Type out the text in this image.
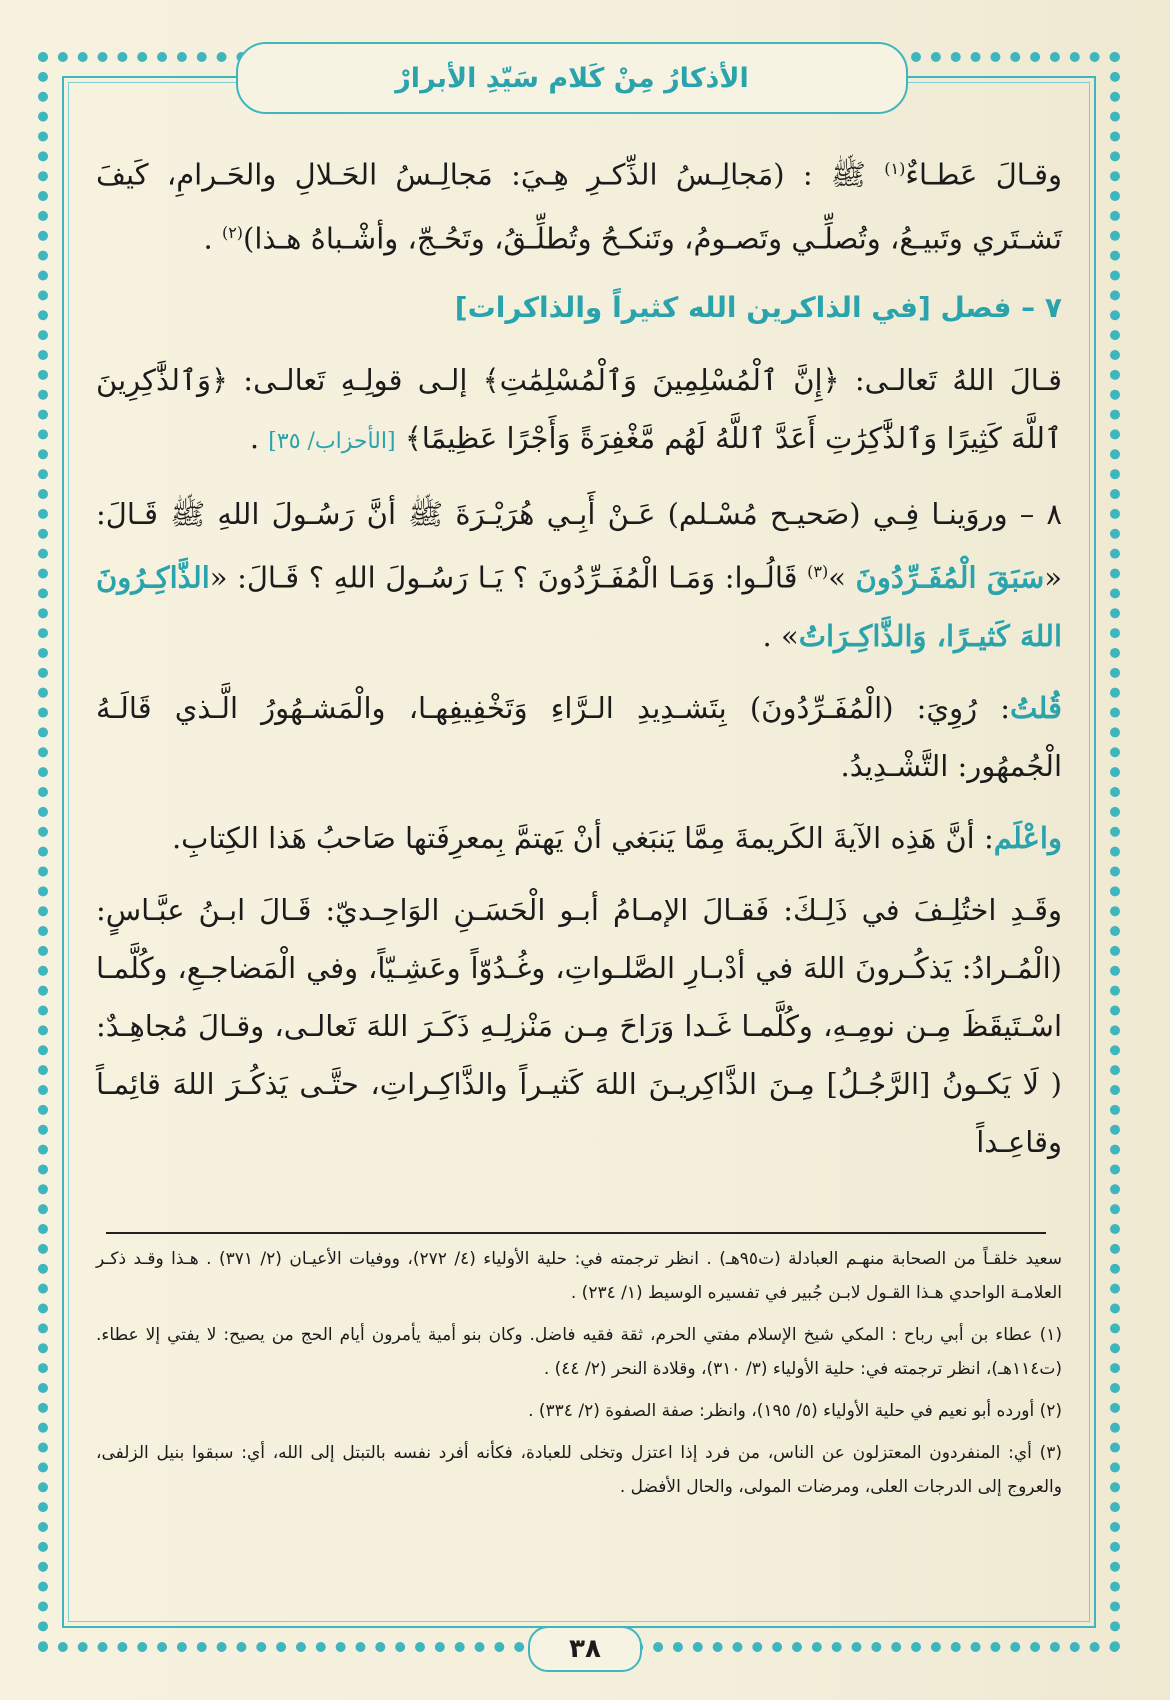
الأذكارُ مِنْ كَلام سَيّدِ الأبرارْ

وقـالَ عَطـاءٌ$^{(١)}$ ﷺ : (مَجالِـسُ الذِّكـرِ هِـيَ: مَجالِـسُ الحَـلالِ والحَـرامِ، كَيفَ تَشـتَري وتَبيـعُ، وتُصلِّـي وتَصـومُ، وتَنكـحُ وتُطلِّـقُ، وتَحُـجّ، وأشْـباهُ هـذا)$^{(٢)}$ .

٧ – فصل [في الذاكرين الله كثيراً والذاكرات]

قـالَ اللهُ تَعالـى: ﴿إِنَّ ٱلْمُسْلِمِينَ وَٱلْمُسْلِمَٰتِ﴾ إلـى قولِـهِ تَعالـى: ﴿وَٱلذَّٰكِرِينَ ٱللَّهَ كَثِيرًا وَٱلذَّٰكِرَٰتِ أَعَدَّ ٱللَّهُ لَهُم مَّغْفِرَةً وَأَجْرًا عَظِيمًا﴾ [الأحزاب/ ٣٥] .

٨ – وروَينـا فِـي (صَحيـح مُسْـلم) عَـنْ أَبِـي هُرَيْـرَةَ ﷺ أنَّ رَسُـولَ اللهِ ﷺ قَـالَ: «سَبَقَ الْمُفَـرِّدُونَ »$^{(٣)}$ قَالُـوا: وَمَـا الْمُفَـرِّدُونَ ؟ يَـا رَسُـولَ اللهِ ؟ قَـالَ: «الذَّاكِـرُونَ اللهَ كَثيـرًا، وَالذَّاكِـرَاتُ» .

قُلتُ: رُوِيَ: (الْمُفَـرِّدُونَ) بِتَشـدِيدِ الـرَّاءِ وَتَخْفِيفِهـا، والْمَشـهُورُ الَّـذي قَالَـهُ الْجُمهُور: التَّشْـدِيدُ.

واعْلَم: أنَّ هَذِه الآيةَ الكَريمةَ مِمَّا يَنبَغي أنْ يَهتمَّ بِمعرِفَتها صَاحبُ هَذا الكِتابِ.

وقَـدِ اختُلِـفَ في ذَلِـكَ: فَقـالَ الإمـامُ أبـو الْحَسَـنِ الوَاحِـديّ: قَـالَ ابـنُ عبَّـاسٍ: (الْمُـرادُ: يَذكُـرونَ اللهَ في أدْبـارِ الصَّلـواتِ، وغُـدُوّاً وعَشِـيّاً، وفي الْمَضاجـعِ، وكُلَّمـا اسْـتَيقَظَ مِـن نومِـهِ، وكُلَّمـا غَـدا وَرَاحَ مِـن مَنْزلِـهِ ذَكَـرَ اللهَ تَعالـى، وقـالَ مُجاهِـدٌ: ( لَا يَكـونُ [الرَّجُـلُ] مِـنَ الذَّاكِريـنَ اللهَ كَثيـراً والذَّاكِـراتِ، حتَّـى يَذكُـرَ اللهَ قائِمـاً وقاعِـداً

سعيد خلقـاً من الصحابة منهـم العبادلة (ت٩٥هـ) . انظر ترجمته في: حلية الأولياء (٤/ ٢٧٢)، ووفيات الأعيـان (٢/ ٣٧١) . هـذا وقـد ذكـر العلامـة الواحدي هـذا القـول لابـن جُبير في تفسيره الوسيط (١/ ٢٣٤) .

(١) عطاء بن أبي رباح : المكي شيخ الإسلام مفتي الحرم، ثقة فقيه فاضل. وكان بنو أمية يأمرون أيام الحج من يصيح: لا يفتي إلا عطاء. (ت١١٤هـ)، انظر ترجمته في: حلية الأولياء (٣/ ٣١٠)، وقلادة النحر (٢/ ٤٤) .

(٢) أورده أبو نعيم في حلية الأولياء (٥/ ١٩٥)، وانظر: صفة الصفوة (٢/ ٣٣٤) .

(٣) أي: المنفردون المعتزلون عن الناس، من فرد إذا اعتزل وتخلى للعبادة، فكأنه أفرد نفسه بالتبتل إلى الله، أي: سبقوا بنيل الزلفى، والعروج إلى الدرجات العلى، ومرضات المولى، والحال الأفضل .

٣٨
